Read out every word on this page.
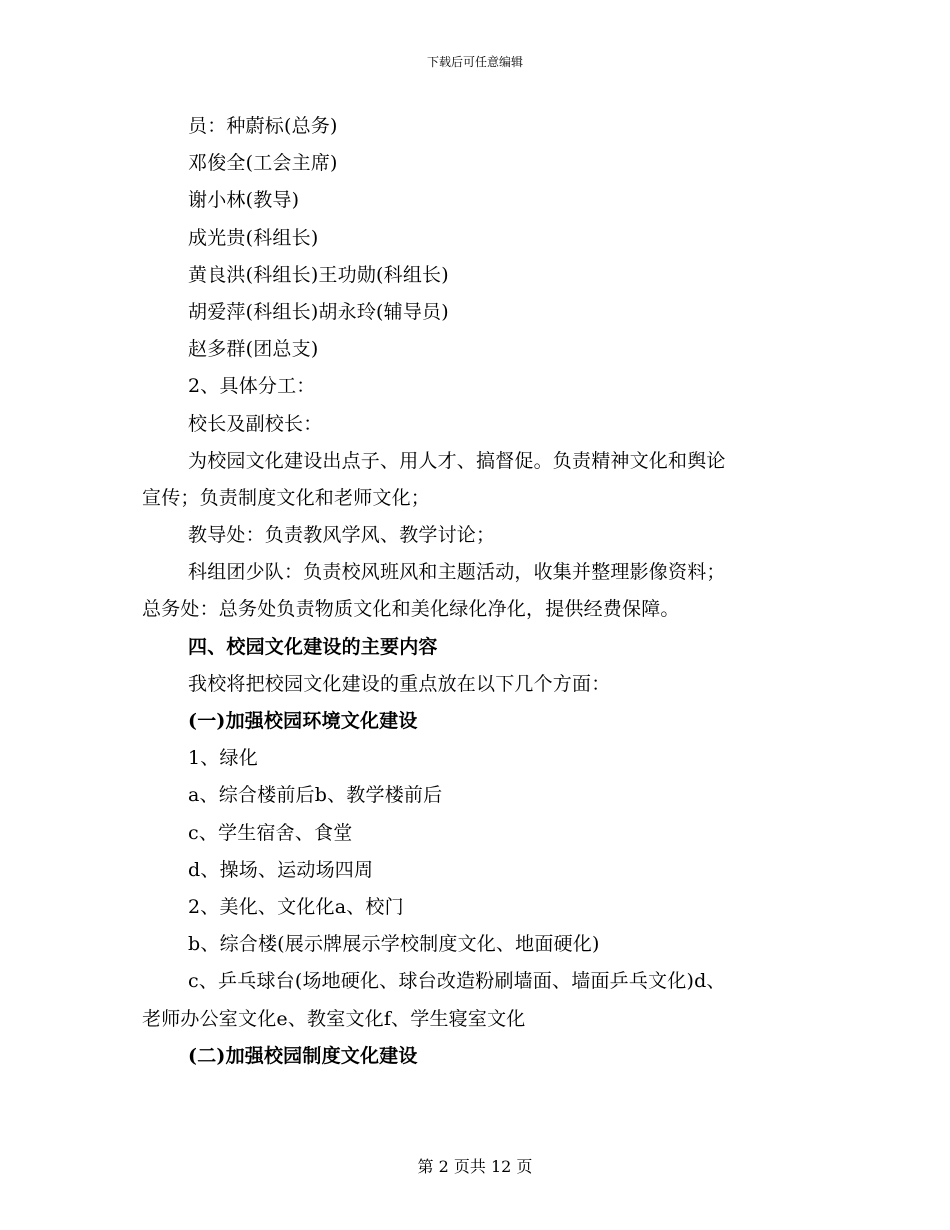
下载后可任意编辑
员：种蔚标(总务)
邓俊全(工会主席)
谢小林(教导)
成光贵(科组长)
黄良洪(科组长)王功勋(科组长)
胡爱萍(科组长)胡永玲(辅导员)
赵多群(团总支)
2、具体分工：
校长及副校长：
为校园文化建设出点子、用人才、搞督促。负责精神文化和舆论
宣传；负责制度文化和老师文化；
教导处：负责教风学风、教学讨论；
科组团少队：负责校风班风和主题活动，收集并整理影像资料；
总务处：总务处负责物质文化和美化绿化净化，提供经费保障。
四、校园文化建设的主要内容
我校将把校园文化建设的重点放在以下几个方面：
(一)加强校园环境文化建设
1、绿化
a、综合楼前后b、教学楼前后
c、学生宿舍、食堂
d、操场、运动场四周
2、美化、文化化a、校门
b、综合楼(展示牌展示学校制度文化、地面硬化)
c、乒乓球台(场地硬化、球台改造粉刷墙面、墙面乒乓文化)d、
老师办公室文化e、教室文化f、学生寝室文化
(二)加强校园制度文化建设
第 2 页共 12 页
